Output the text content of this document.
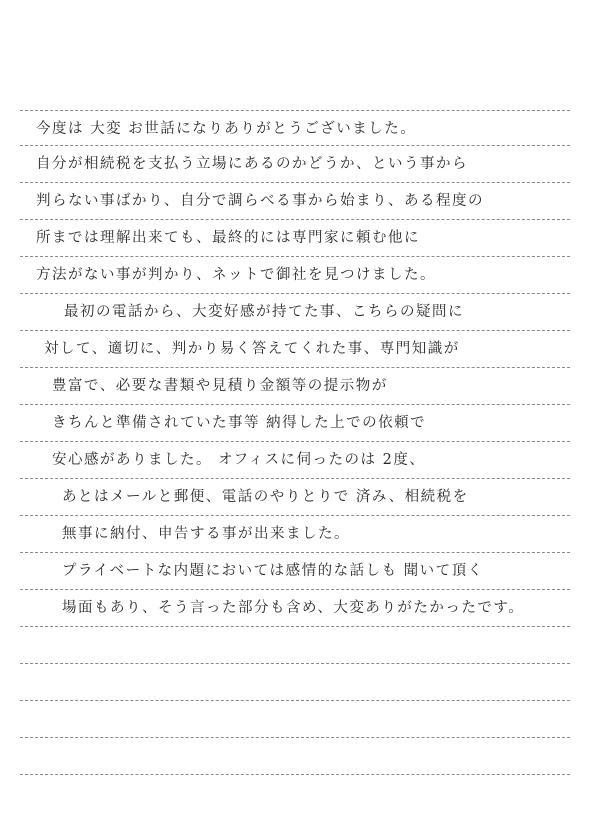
今度は 大変 お世話になりありがとうございました。
自分が相続税を支払う立場にあるのかどうか、という事から
判らない事ばかり、自分で調らべる事から始まり、ある程度の
所までは理解出来ても、最終的には専門家に頼む他に
方法がない事が判かり、ネットで御社を見つけました。
最初の電話から、大変好感が持てた事、こちらの疑問に
対して、適切に、判かり易く答えてくれた事、専門知識が
豊富で、必要な書類や見積り金額等の提示物が
きちんと準備されていた事等 納得した上での依頼で
安心感がありました。 オフィスに伺ったのは 2度、
あとはメールと郵便、電話のやりとりで 済み、相続税を
無事に納付、申告する事が出来ました。
プライベートな内題においては感情的な話しも 聞いて頂く
場面もあり、そう言った部分も含め、大変ありがたかったです。
